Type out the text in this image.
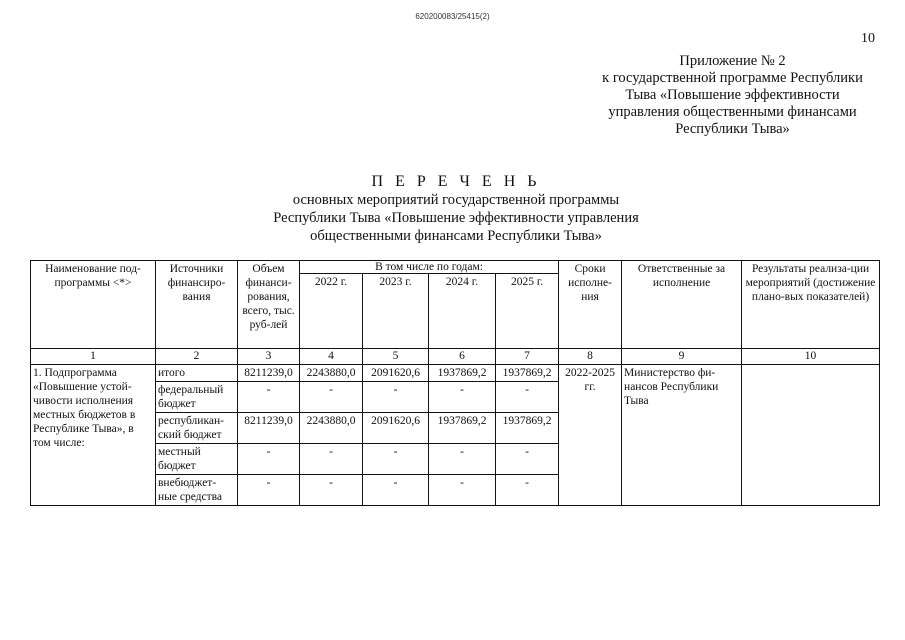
620200083/25415(2)
10
Приложение № 2
к государственной программе Республики
Тыва «Повышение эффективности
управления общественными финансами
Республики Тыва»
П Е Р Е Ч Е Н Ь
основных мероприятий государственной программы
Республики Тыва «Повышение эффективности управления
общественными финансами Республики Тыва»
Наименование под-программы <*>	Источники финансиро-вания	Объем финанси-рования, всего, тыс. руб-лей	В том числе по годам:				Сроки исполне-ния	Ответственные за исполнение	Результаты реализа-ции мероприятий (достижение плано-вых показателей)
			2022 г.	2023 г.	2024 г.	2025 г.			
1	2	3	4	5	6	7	8	9	10
1. Подпрограмма «Повышение устой-чивости исполнения местных бюджетов в Республике Тыва», в том числе:	итого	8211239,0	2243880,0	2091620,6	1937869,2	1937869,2	2022-2025 гг.	Министерство фи-нансов Республики Тыва	
	федеральный бюджет	-	-	-	-	-			
	республикан-ский бюджет	8211239,0	2243880,0	2091620,6	1937869,2	1937869,2			
	местный бюджет	-	-	-	-	-			
	внебюджет-ные средства	-	-	-	-	-			
